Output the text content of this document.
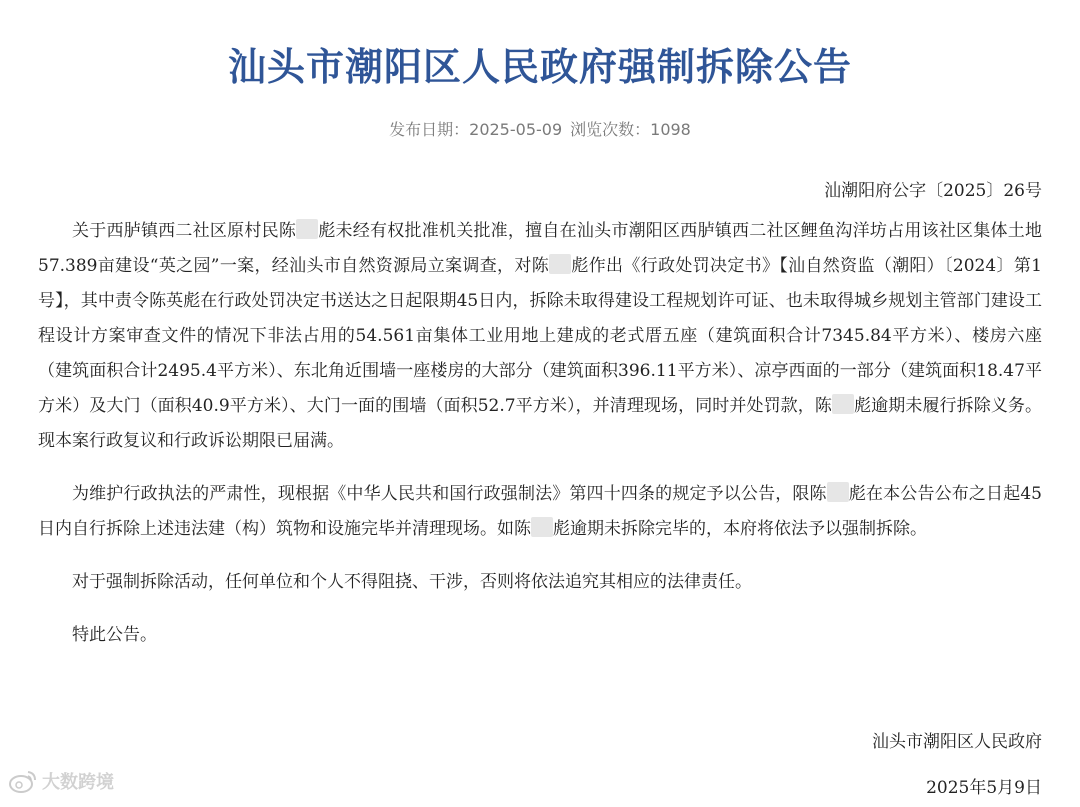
汕头市潮阳区人民政府强制拆除公告
发布日期：2025-05-09 浏览次数：1098
汕潮阳府公字〔2025〕26号

关于西胪镇西二社区原村民陈 彪未经有权批准机关批准，擅自在汕头市潮阳区西胪镇西二社区鲤鱼沟洋坊占用该社区集体土地57.389亩建设“英之园”一案，经汕头市自然资源局立案调查，对陈 彪作出《行政处罚决定书》【汕自然资监（潮阳）〔2024〕第1号】，其中责令陈英彪在行政处罚决定书送达之日起限期45日内，拆除未取得建设工程规划许可证、也未取得城乡规划主管部门建设工程设计方案审查文件的情况下非法占用的54.561亩集体工业用地上建成的老式厝五座（建筑面积合计7345.84平方米）、楼房六座（建筑面积合计2495.4平方米）、东北角近围墙一座楼房的大部分（建筑面积396.11平方米）、凉亭西面的一部分（建筑面积18.47平方米）及大门（面积40.9平方米）、大门一面的围墙（面积52.7平方米），并清理现场，同时并处罚款，陈 彪逾期未履行拆除义务。现本案行政复议和行政诉讼期限已届满。

为维护行政执法的严肃性，现根据《中华人民共和国行政强制法》第四十四条的规定予以公告，限陈 彪在本公告公布之日起45日内自行拆除上述违法建（构）筑物和设施完毕并清理现场。如陈 彪逾期未拆除完毕的，本府将依法予以强制拆除。

对于强制拆除活动，任何单位和个人不得阻挠、干涉，否则将依法追究其相应的法律责任。

特此公告。

汕头市潮阳区人民政府
2025年5月9日
大数跨境
